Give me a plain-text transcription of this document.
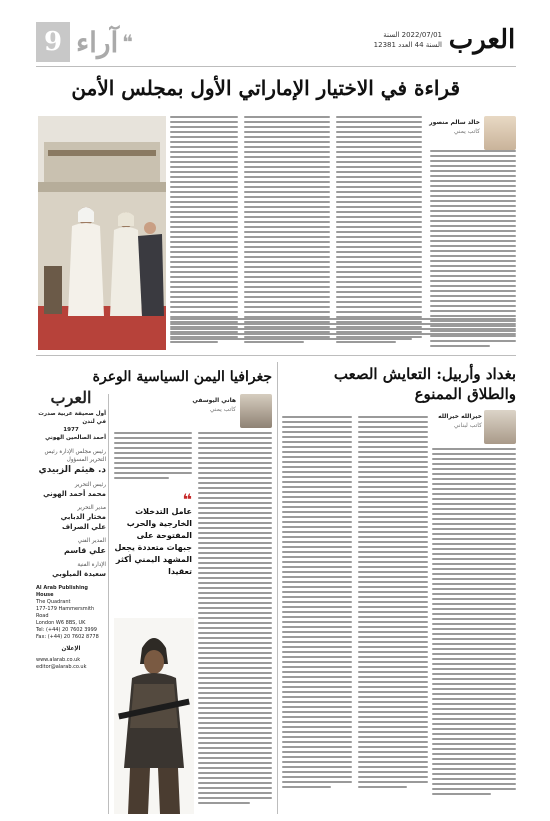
9 آراء ❝	العرب
2022/07/01 السنة
السنة 44 العدد 12381
قراءة في الاختيار الإماراتي الأول بمجلس الأمن
خالد سالم منصور
كاتب يمني
بغداد وأربيل: التعايش الصعب
والطلاق الممنوع
خيرالله خيرالله
كاتب لبناني
جغرافيا اليمن السياسية الوعرة
هاني اليوسفي
كاتب يمني
العرب
أول صحيفة عربية صدرت في لندن
1977
أحمد الصالحين الهوني
رئيس مجلس الإدارة رئيس التحرير المسؤول
د. هيثم الزبيدي
رئيس التحرير
محمد أحمد الهوني
مدير التحرير
مختار الدبابي
علي الصراف
المدير الفني
علي قاسم
الإدارة الفنية
سعيدة الميلوبي
Al Arab Publishing House
The Quadrant
177-179 Hammersmith Road
London W6 8BS, UK
Tel: (+44) 20 7602 3999
Fax: (+44) 20 7602 8778
الإعلان
www.alarab.co.uk
editor@alarab.co.uk
❝
عامل التدخلات الخارجية والحرب المفتوحة على جبهات متعددة يجعل المشهد اليمني أكثر تعقيدا
